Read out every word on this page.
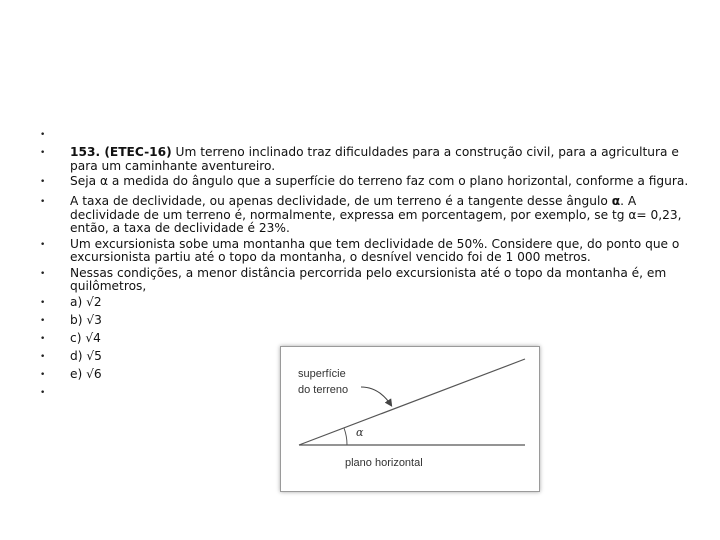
•

• 153. (ETEC-16) Um terreno inclinado traz dificuldades para a construção civil, para a agricultura e para um caminhante aventureiro.
• Seja α a medida do ângulo que a superfície do terreno faz com o plano horizontal, conforme a figura.
• A taxa de declividade, ou apenas declividade, de um terreno é a tangente desse ângulo α. A declividade de um terreno é, normalmente, expressa em porcentagem, por exemplo, se tg α= 0,23, então, a taxa de declividade é 23%.
• Um excursionista sobe uma montanha que tem declividade de 50%. Considere que, do ponto que o excursionista partiu até o topo da montanha, o desnível vencido foi de 1 000 metros.
• Nessas condições, a menor distância percorrida pelo excursionista até o topo da montanha é, em quilômetros,
• a) √2
• b) √3
• c) √4
• d) √5
• e) √6
•

superfície
do terreno
α
plano horizontal
